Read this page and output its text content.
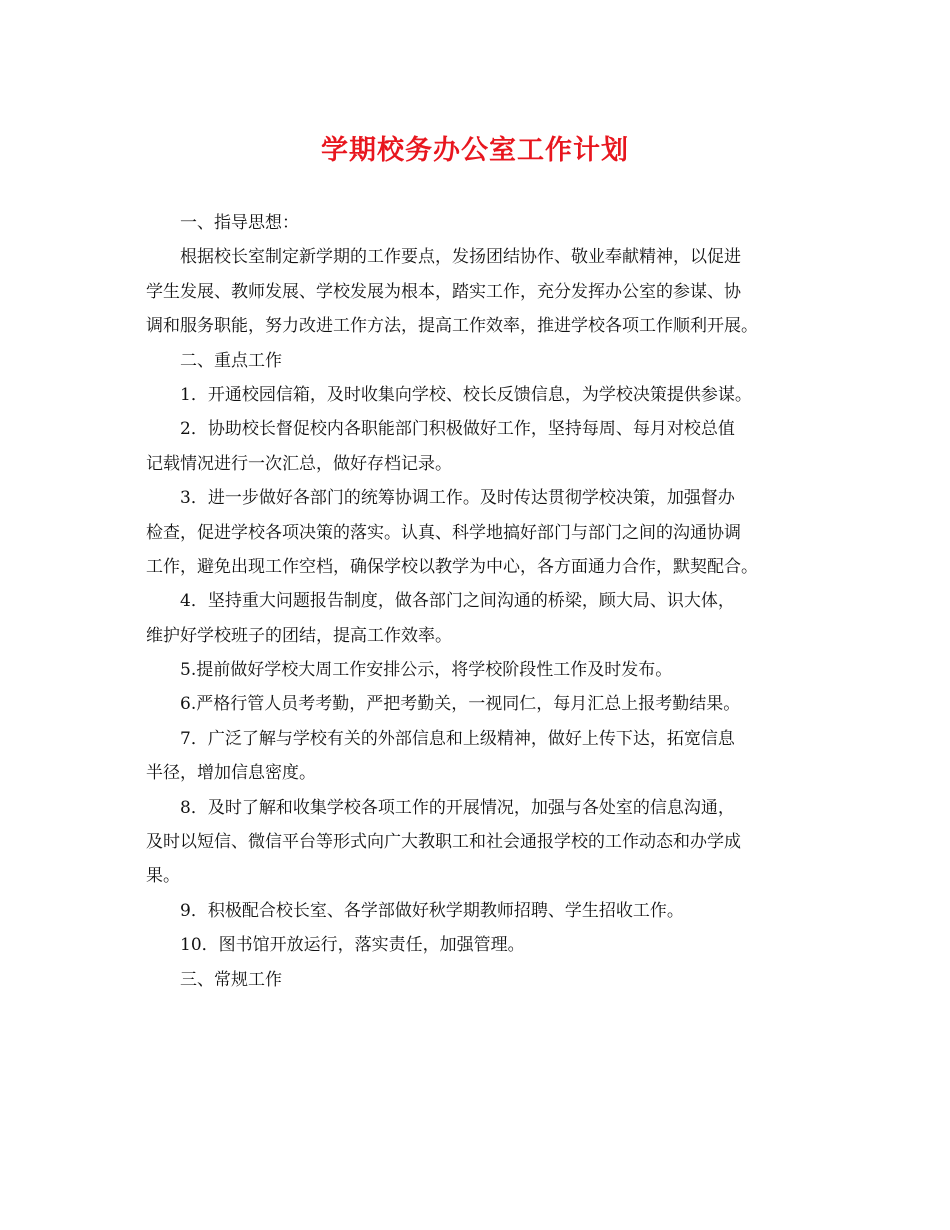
学期校务办公室工作计划
一、指导思想：
根据校长室制定新学期的工作要点，发扬团结协作、敬业奉献精神，以促进
学生发展、教师发展、学校发展为根本，踏实工作，充分发挥办公室的参谋、协
调和服务职能，努力改进工作方法，提高工作效率，推进学校各项工作顺利开展。
二、重点工作
1．开通校园信箱，及时收集向学校、校长反馈信息，为学校决策提供参谋。
2．协助校长督促校内各职能部门积极做好工作，坚持每周、每月对校总值
记载情况进行一次汇总，做好存档记录。
3．进一步做好各部门的统筹协调工作。及时传达贯彻学校决策，加强督办
检查，促进学校各项决策的落实。认真、科学地搞好部门与部门之间的沟通协调
工作，避免出现工作空档，确保学校以教学为中心，各方面通力合作，默契配合。
4．坚持重大问题报告制度，做各部门之间沟通的桥梁，顾大局、识大体，
维护好学校班子的团结，提高工作效率。
5.提前做好学校大周工作安排公示，将学校阶段性工作及时发布。
6.严格行管人员考考勤，严把考勤关，一视同仁，每月汇总上报考勤结果。
7．广泛了解与学校有关的外部信息和上级精神，做好上传下达，拓宽信息
半径，增加信息密度。
8．及时了解和收集学校各项工作的开展情况，加强与各处室的信息沟通，
及时以短信、微信平台等形式向广大教职工和社会通报学校的工作动态和办学成
果。
9．积极配合校长室、各学部做好秋学期教师招聘、学生招收工作。
10．图书馆开放运行，落实责任，加强管理。
三、常规工作
